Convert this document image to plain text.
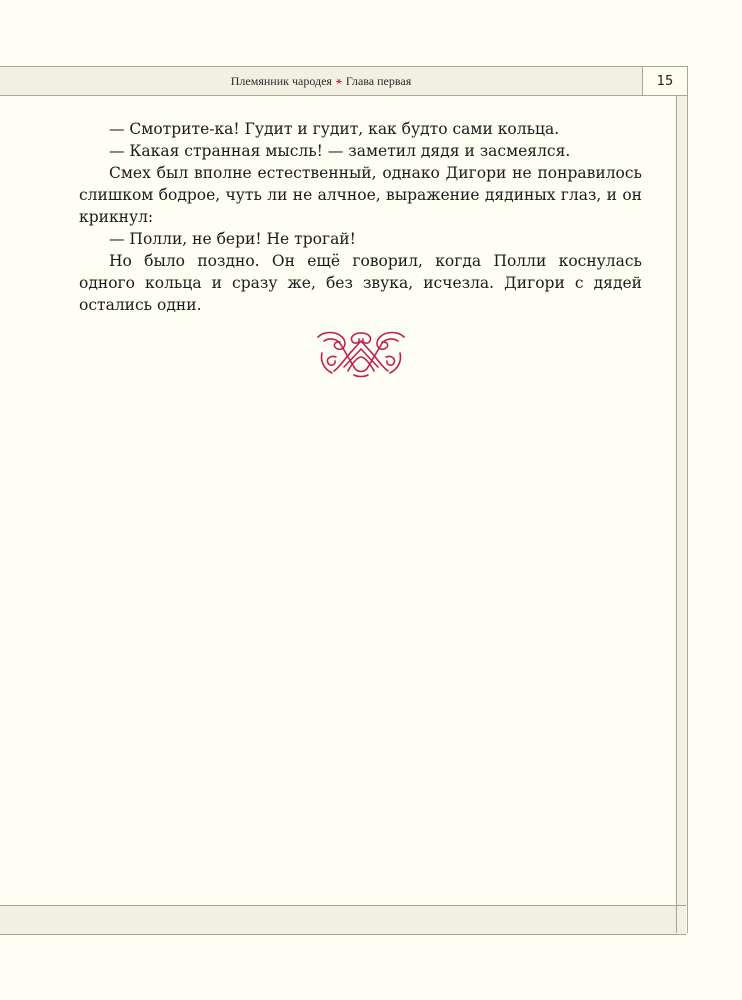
Племянник чародея ⚹ Глава первая	15

— Смотрите-ка! Гудит и гудит, как будто сами кольца.

— Какая странная мысль! — заметил дядя и засмеялся.

Смех был вполне естественный, однако Дигори не понравилось слишком бодрое, чуть ли не алчное, выражение дядиных глаз, и он крикнул:

— Полли, не бери! Не трогай!

Но было поздно. Он ещё говорил, когда Полли коснулась одного кольца и сразу же, без звука, исчезла. Дигори с дядей остались одни.
